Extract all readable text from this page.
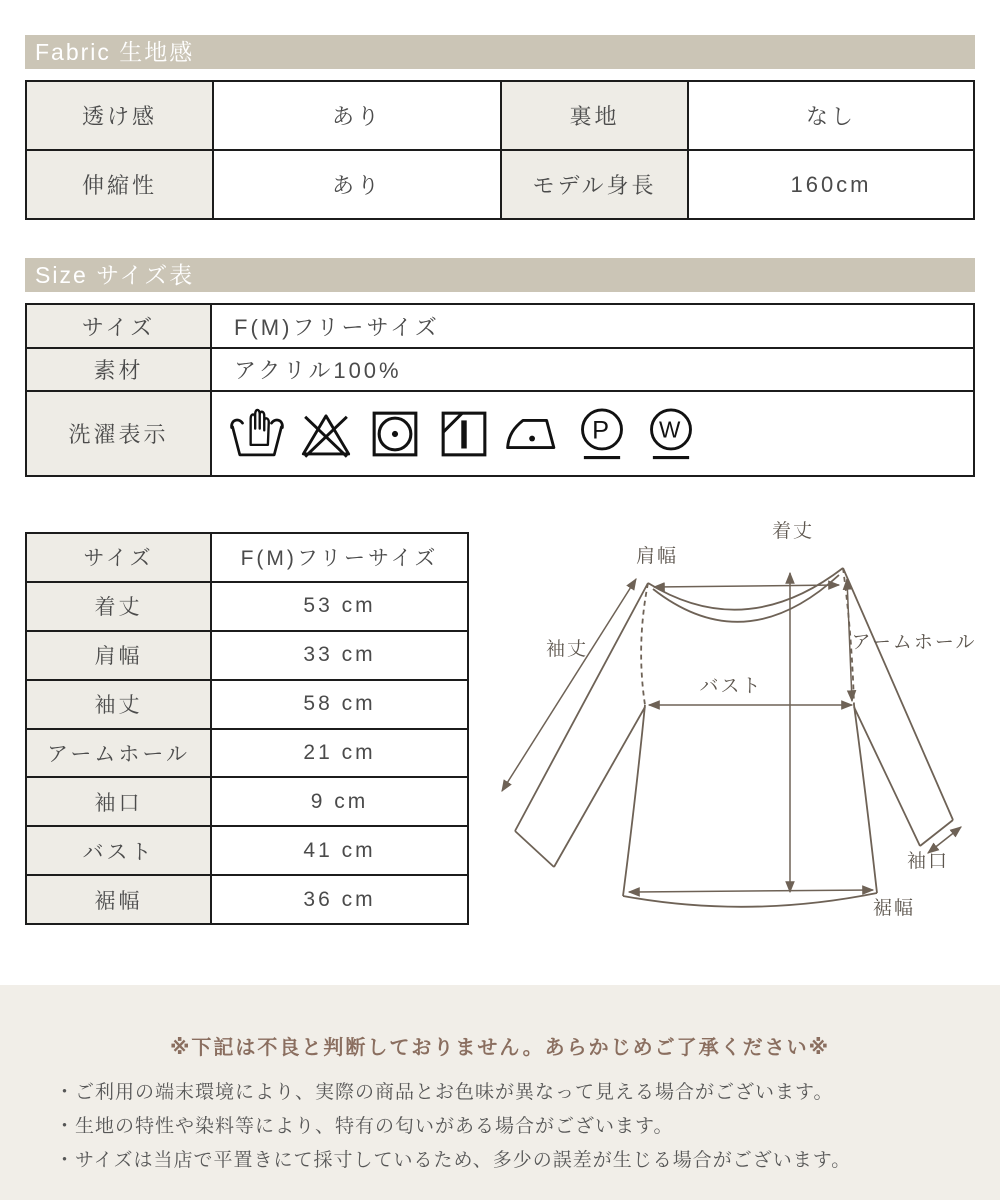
Fabric 生地感
透け感	あり	裏地	なし
伸縮性	あり	モデル身長	160cm
Size サイズ表
サイズ	F(M)フリーサイズ
素材	アクリル100%
洗濯表示	P W
サイズ	F(M)フリーサイズ
着丈	53 cm
肩幅	33 cm
袖丈	58 cm
アームホール	21 cm
袖口	9 cm
バスト	41 cm
裾幅	36 cm
着丈
肩幅
袖丈	アームホール
バスト
袖口
裾幅
※下記は不良と判断しておりません。あらかじめご了承ください※
・ご利用の端末環境により、実際の商品とお色味が異なって見える場合がございます。
・生地の特性や染料等により、特有の匂いがある場合がございます。
・サイズは当店で平置きにて採寸しているため、多少の誤差が生じる場合がございます。
